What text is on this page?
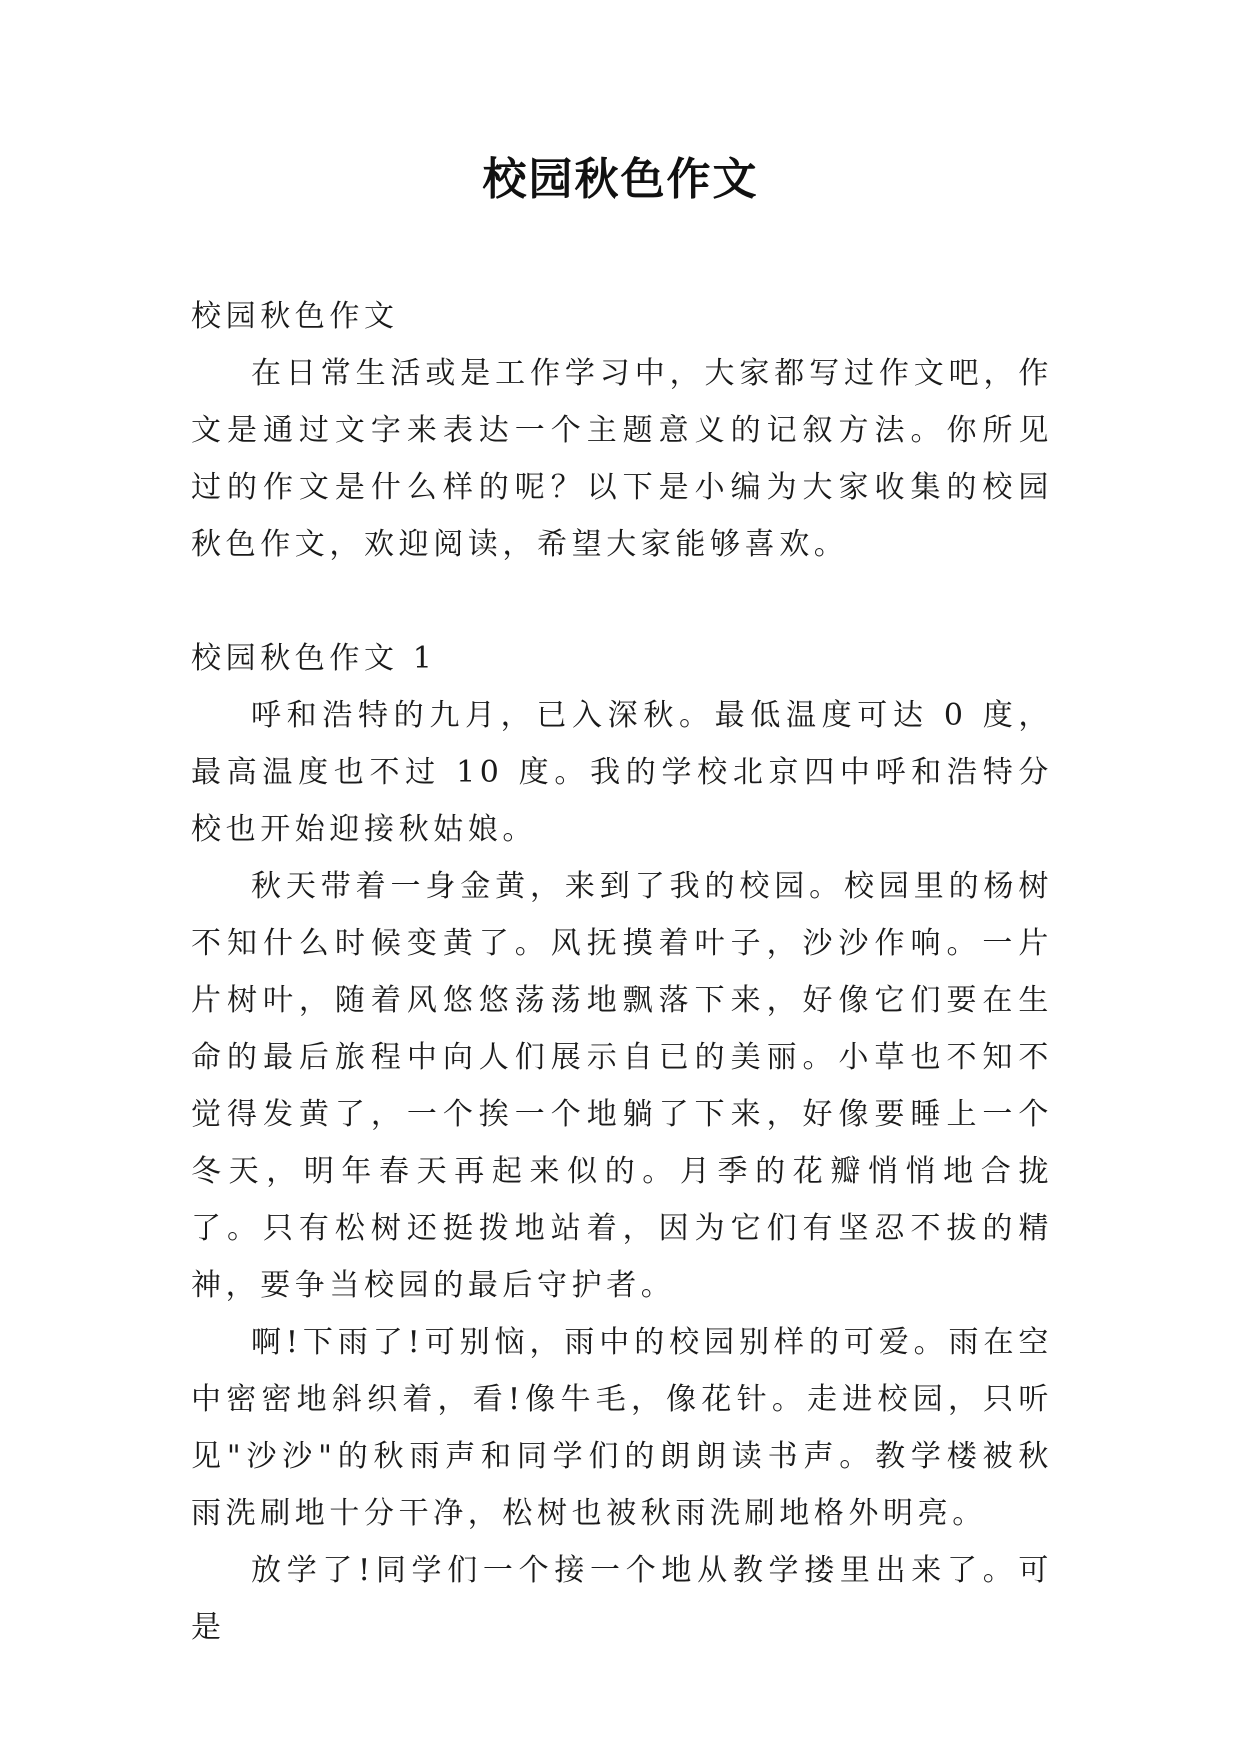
校园秋色作文

校园秋色作文

在日常生活或是工作学习中，大家都写过作文吧，作文是通过文字来表达一个主题意义的记叙方法。你所见过的作文是什么样的呢？以下是小编为大家收集的校园秋色作文，欢迎阅读，希望大家能够喜欢。

校园秋色作文 1

呼和浩特的九月，已入深秋。最低温度可达 0 度，最高温度也不过 10 度。我的学校北京四中呼和浩特分校也开始迎接秋姑娘。

秋天带着一身金黄，来到了我的校园。校园里的杨树不知什么时候变黄了。风抚摸着叶子，沙沙作响。一片片树叶，随着风悠悠荡荡地飘落下来，好像它们要在生命的最后旅程中向人们展示自已的美丽。小草也不知不觉得发黄了，一个挨一个地躺了下来，好像要睡上一个冬天，明年春天再起来似的。月季的花瓣悄悄地合拢了。只有松树还挺拨地站着，因为它们有坚忍不拔的精神，要争当校园的最后守护者。

啊!下雨了!可别恼，雨中的校园别样的可爱。雨在空中密密地斜织着，看!像牛毛，像花针。走进校园，只听见"沙沙"的秋雨声和同学们的朗朗读书声。教学楼被秋雨洗刷地十分干净，松树也被秋雨洗刷地格外明亮。

放学了!同学们一个接一个地从教学搂里出来了。可是
